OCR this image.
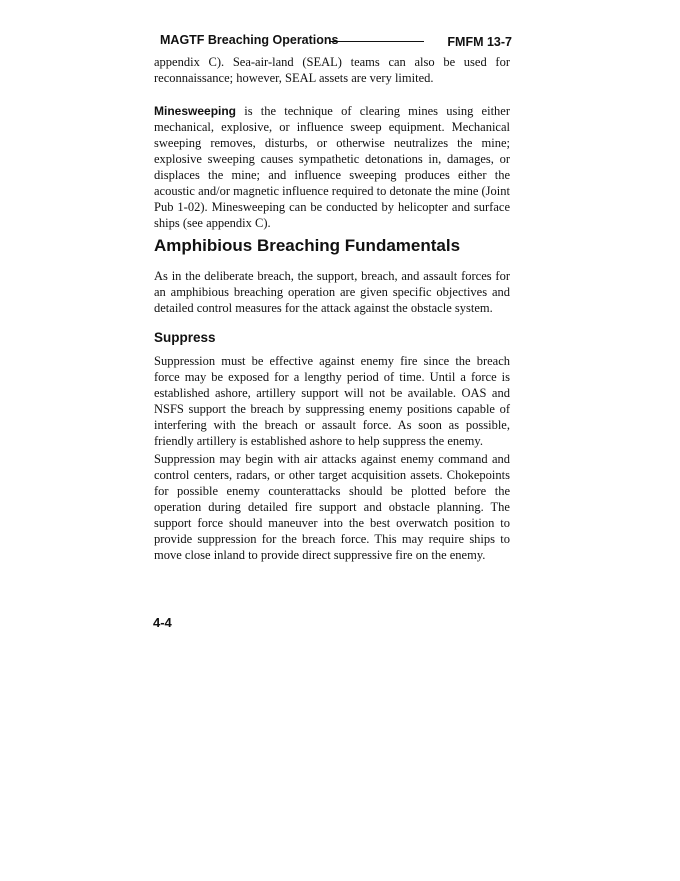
MAGTF Breaching Operations	FMFM 13-7

appendix C). Sea-air-land (SEAL) teams can also be used for reconnaissance; however, SEAL assets are very limited.

Minesweeping is the technique of clearing mines using either mechanical, explosive, or influence sweep equipment. Mechanical sweeping removes, disturbs, or otherwise neutralizes the mine; explosive sweeping causes sympathetic detonations in, damages, or displaces the mine; and influence sweeping produces either the acoustic and/or magnetic influence required to detonate the mine (Joint Pub 1-02). Minesweeping can be conducted by helicopter and surface ships (see appendix C).

Amphibious Breaching Fundamentals

As in the deliberate breach, the support, breach, and assault forces for an amphibious breaching operation are given specific objectives and detailed control measures for the attack against the obstacle system.

Suppress

Suppression must be effective against enemy fire since the breach force may be exposed for a lengthy period of time. Until a force is established ashore, artillery support will not be available. OAS and NSFS support the breach by suppressing enemy positions capable of interfering with the breach or assault force. As soon as possible, friendly artillery is established ashore to help suppress the enemy.

Suppression may begin with air attacks against enemy command and control centers, radars, or other target acquisition assets. Chokepoints for possible enemy counterattacks should be plotted before the operation during detailed fire support and obstacle planning. The support force should maneuver into the best overwatch position to provide suppression for the breach force. This may require ships to move close inland to provide direct suppressive fire on the enemy.

4-4
